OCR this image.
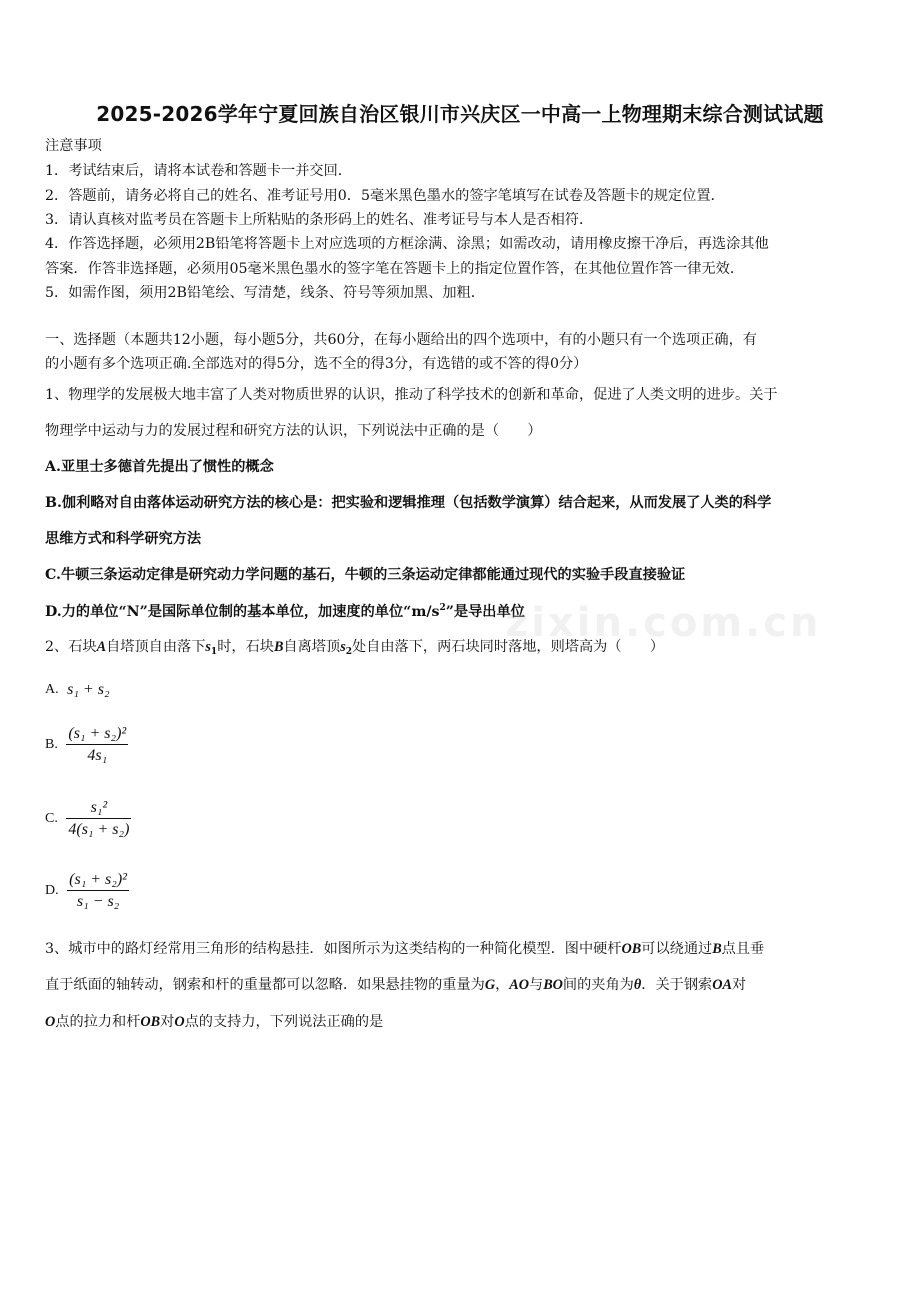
2025-2026学年宁夏回族自治区银川市兴庆区一中高一上物理期末综合测试试题
注意事项
1．考试结束后，请将本试卷和答题卡一并交回．
2．答题前，请务必将自己的姓名、准考证号用0．5毫米黑色墨水的签字笔填写在试卷及答题卡的规定位置．
3．请认真核对监考员在答题卡上所粘贴的条形码上的姓名、准考证号与本人是否相符．
4．作答选择题，必须用2B铅笔将答题卡上对应选项的方框涂满、涂黑；如需改动，请用橡皮擦干净后，再选涂其他
答案．作答非选择题，必须用05毫米黑色墨水的签字笔在答题卡上的指定位置作答，在其他位置作答一律无效．
5．如需作图，须用2B铅笔绘、写清楚，线条、符号等须加黑、加粗．
一、选择题（本题共12小题，每小题5分，共60分，在每小题给出的四个选项中，有的小题只有一个选项正确，有
的小题有多个选项正确.全部选对的得5分，选不全的得3分，有选错的或不答的得0分）
1、物理学的发展极大地丰富了人类对物质世界的认识，推动了科学技术的创新和革命，促进了人类文明的进步。关于
物理学中运动与力的发展过程和研究方法的认识，下列说法中正确的是（　　）
A.亚里士多德首先提出了惯性的概念
B.伽利略对自由落体运动研究方法的核心是：把实验和逻辑推理（包括数学演算）结合起来，从而发展了人类的科学
思维方式和科学研究方法
C.牛顿三条运动定律是研究动力学问题的基石，牛顿的三条运动定律都能通过现代的实验手段直接验证
D.力的单位“N”是国际单位制的基本单位，加速度的单位“$m/s^2$”是导出单位
zixin.com.cn
2、石块A自塔顶自由落下$s_1$时，石块B自离塔顶$s_2$处自由落下，两石块同时落地，则塔高为（　　）
A. s₁ + s₂
B. $\frac{\text{(s₁ + s₂)²}}{\text{4s₁}}$
C. $\frac{\text{s₁²}}{\text{4(s₁ + s₂)}}$
D. $\frac{\text{(s₁ + s₂)²}}{\text{s₁ − s₂}}$
3、城市中的路灯经常用三角形的结构悬挂．如图所示为这类结构的一种简化模型．图中硬杆OB可以绕通过B点且垂
直于纸面的轴转动，钢索和杆的重量都可以忽略．如果悬挂物的重量为G，AO与BO间的夹角为θ．关于钢索OA对
O点的拉力和杆OB对O点的支持力，下列说法正确的是
